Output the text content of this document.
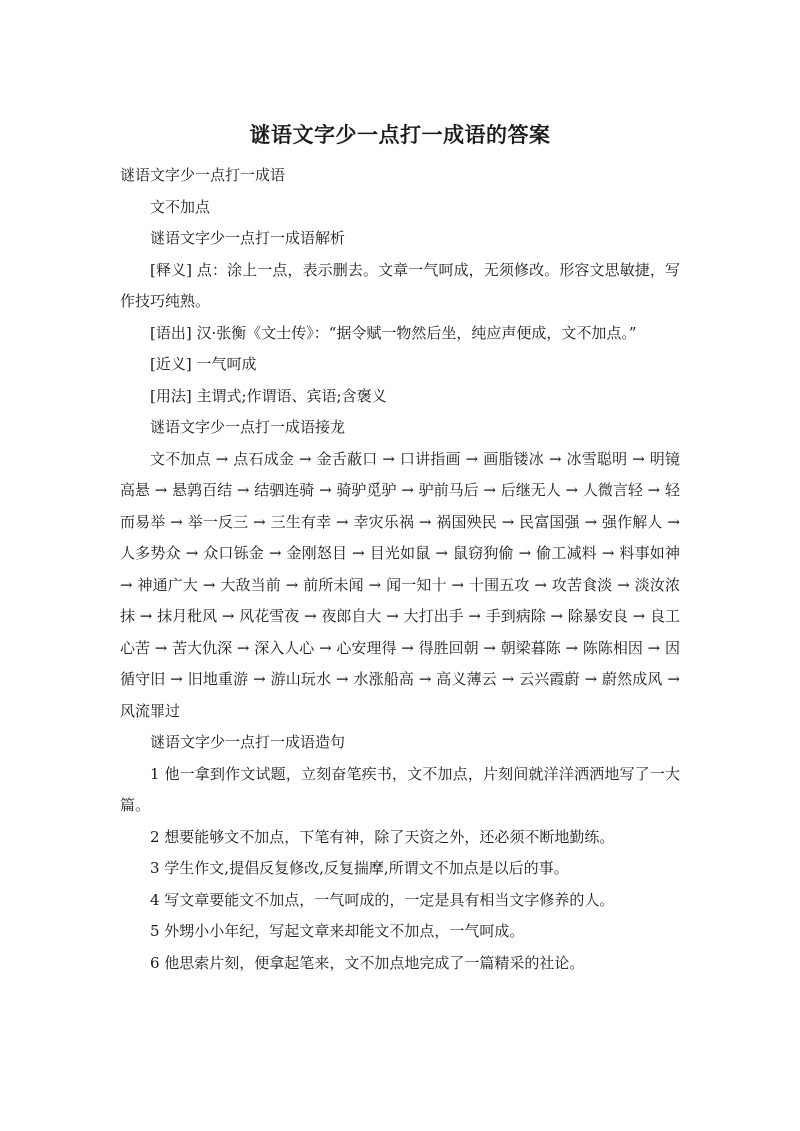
谜语文字少一点打一成语的答案

谜语文字少一点打一成语

文不加点

谜语文字少一点打一成语解析

[释义] 点：涂上一点，表示删去。文章一气呵成，无须修改。形容文思敏捷，写作技巧纯熟。

[语出] 汉·张衡《文士传》：“据令赋一物然后坐，纯应声便成，文不加点。”

[近义] 一气呵成

[用法] 主谓式;作谓语、宾语;含褒义

谜语文字少一点打一成语接龙

文不加点 → 点石成金 → 金舌蔽口 → 口讲指画 → 画脂镂冰 → 冰雪聪明 → 明镜高悬 → 悬鹑百结 → 结驷连骑 → 骑驴觅驴 → 驴前马后 → 后继无人 → 人微言轻 → 轻而易举 → 举一反三 → 三生有幸 → 幸灾乐祸 → 祸国殃民 → 民富国强 → 强作解人 → 人多势众 → 众口铄金 → 金刚怒目 → 目光如鼠 → 鼠窃狗偷 → 偷工减料 → 料事如神 → 神通广大 → 大敌当前 → 前所未闻 → 闻一知十 → 十围五攻 → 攻苦食淡 → 淡汝浓抹 → 抹月秕风 → 风花雪夜 → 夜郎自大 → 大打出手 → 手到病除 → 除暴安良 → 良工心苦 → 苦大仇深 → 深入人心 → 心安理得 → 得胜回朝 → 朝梁暮陈 → 陈陈相因 → 因循守旧 → 旧地重游 → 游山玩水 → 水涨船高 → 高义薄云 → 云兴霞蔚 → 蔚然成风 → 风流罪过

谜语文字少一点打一成语造句

1 他一拿到作文试题，立刻奋笔疾书，文不加点，片刻间就洋洋洒洒地写了一大篇。

2 想要能够文不加点，下笔有神，除了天资之外，还必须不断地勤练。

3 学生作文,提倡反复修改,反复揣摩,所谓文不加点是以后的事。

4 写文章要能文不加点，一气呵成的，一定是具有相当文字修养的人。

5 外甥小小年纪，写起文章来却能文不加点，一气呵成。

6 他思索片刻，便拿起笔来，文不加点地完成了一篇精采的社论。
